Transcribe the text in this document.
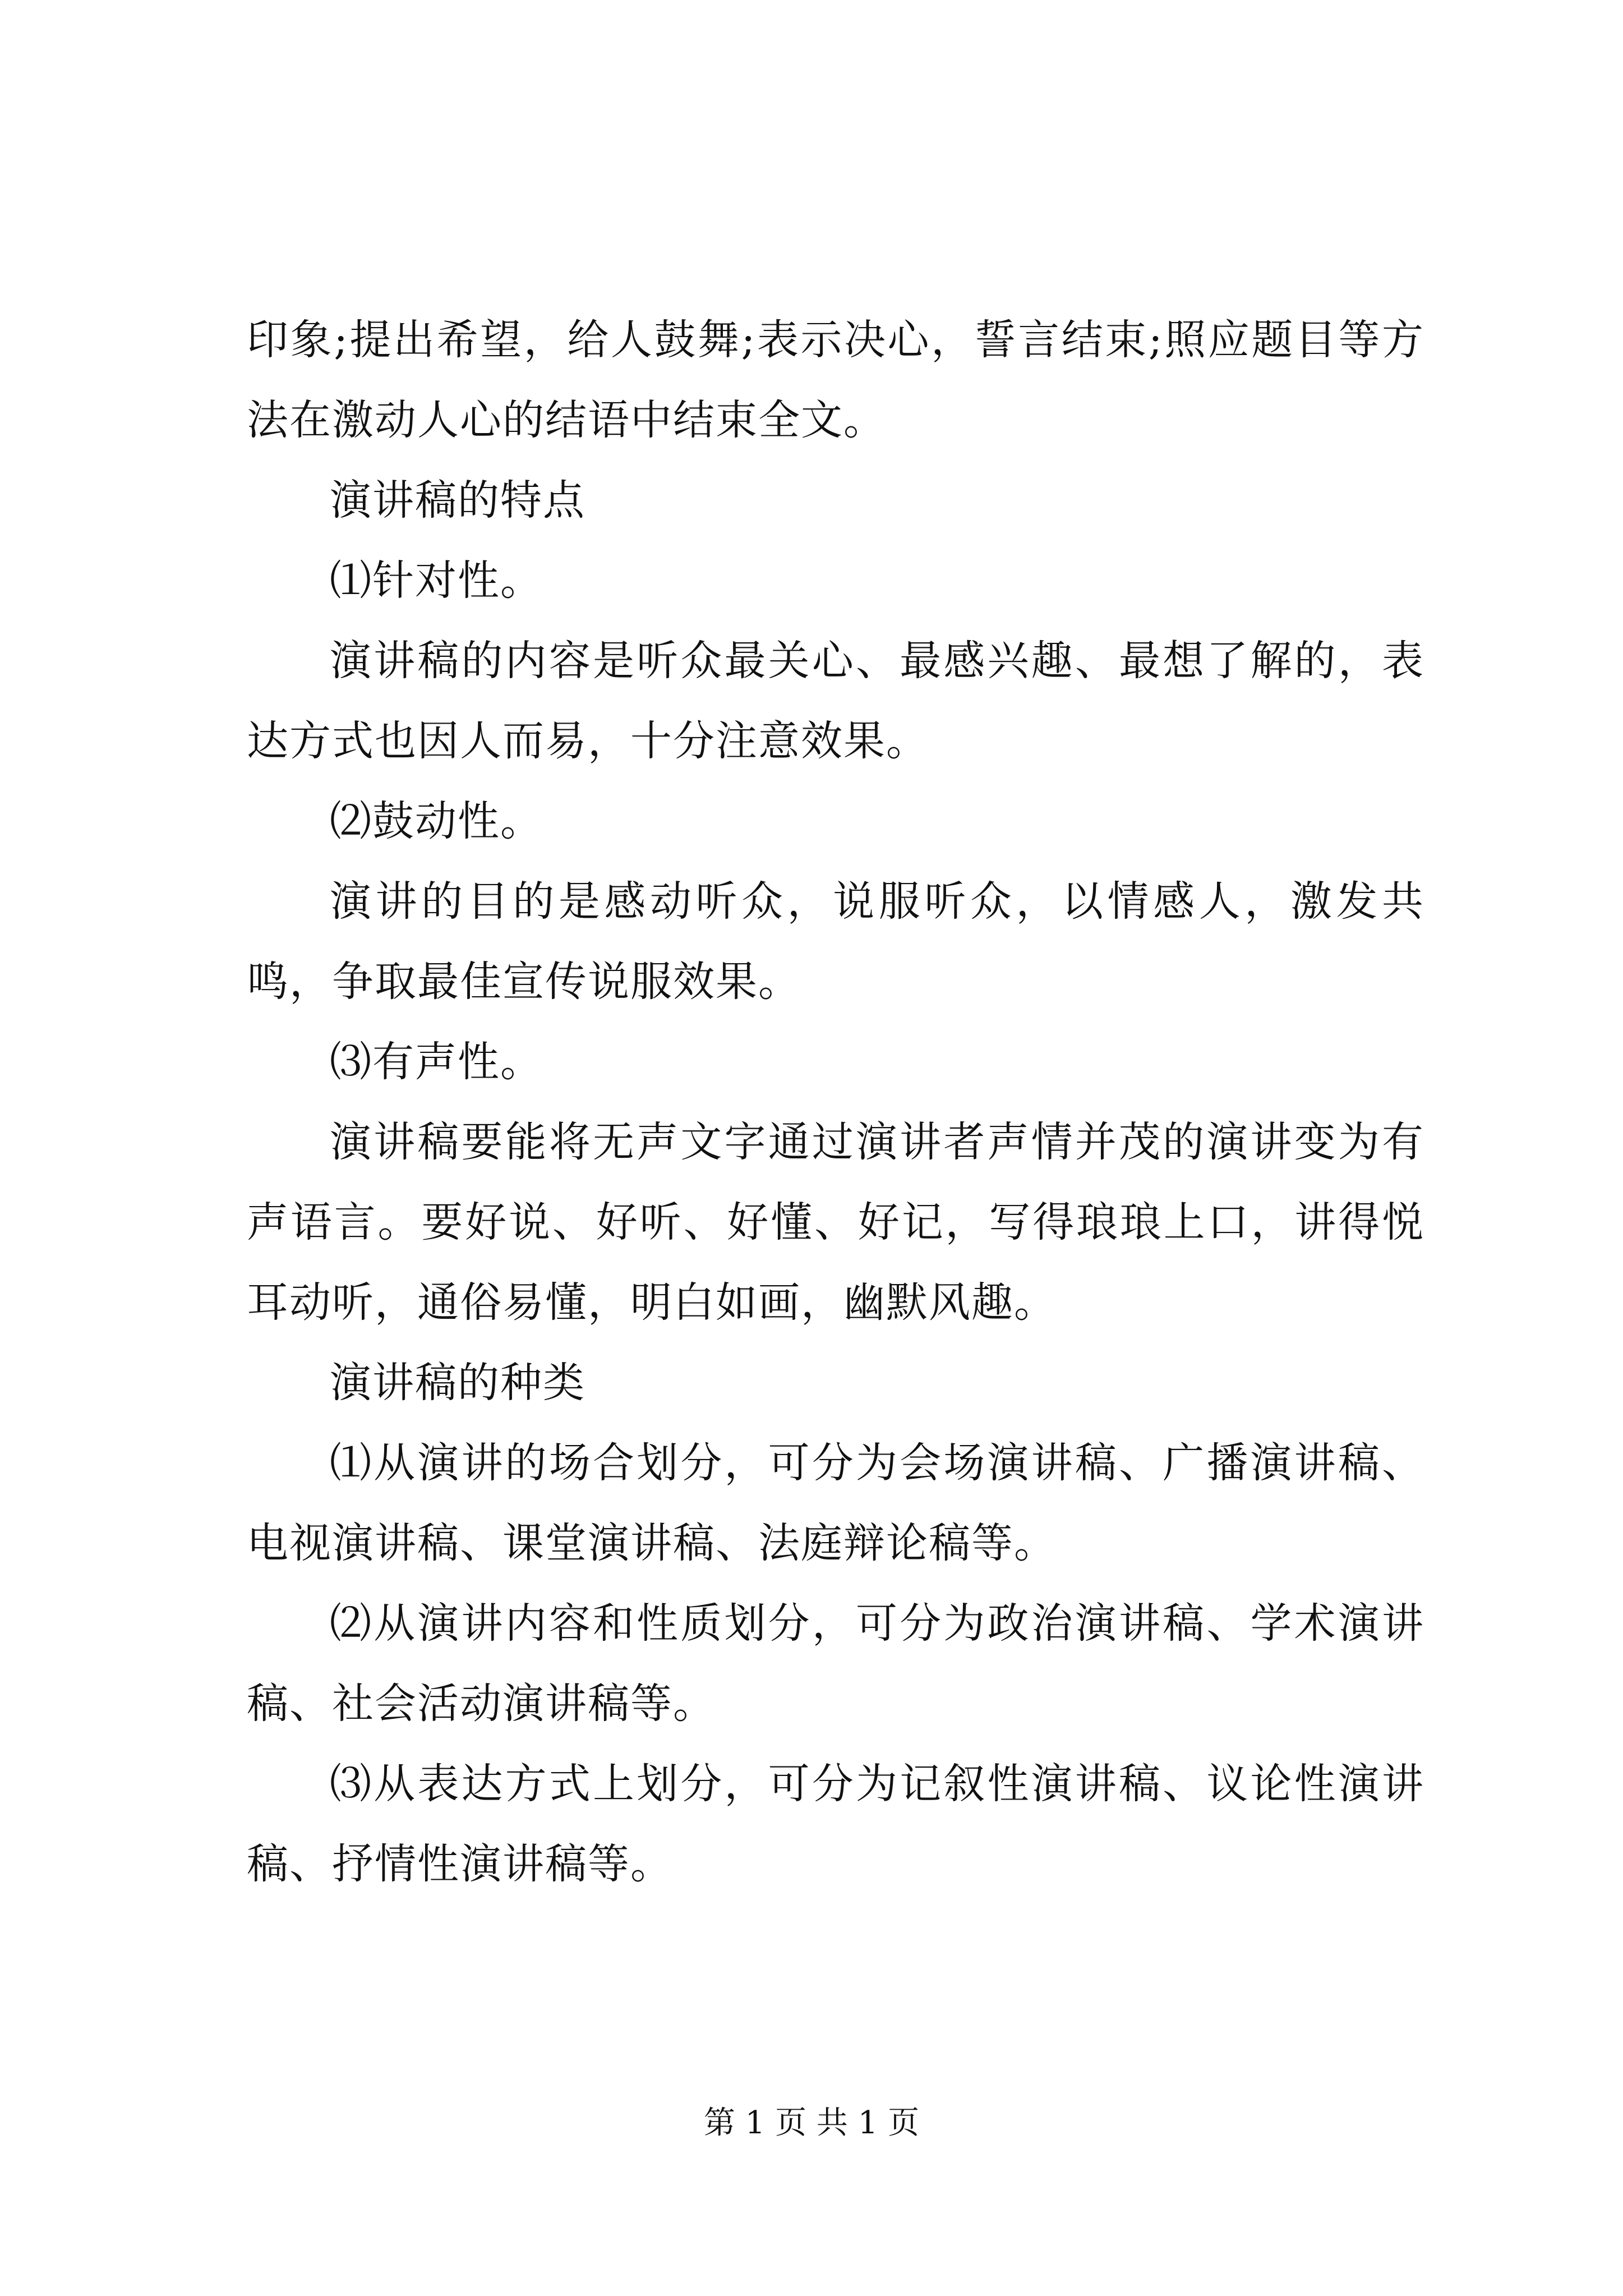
印象;提出希望，给人鼓舞;表示决心，誓言结束;照应题目等方法在激动人心的结语中结束全文。

演讲稿的特点

⑴针对性。

演讲稿的内容是听众最关心、最感兴趣、最想了解的，表达方式也因人而易，十分注意效果。

⑵鼓动性。

演讲的目的是感动听众，说服听众，以情感人，激发共鸣，争取最佳宣传说服效果。

⑶有声性。

演讲稿要能将无声文字通过演讲者声情并茂的演讲变为有声语言。要好说、好听、好懂、好记，写得琅琅上口，讲得悦耳动听，通俗易懂，明白如画，幽默风趣。

演讲稿的种类

⑴从演讲的场合划分，可分为会场演讲稿、广播演讲稿、电视演讲稿、课堂演讲稿、法庭辩论稿等。

⑵从演讲内容和性质划分，可分为政治演讲稿、学术演讲稿、社会活动演讲稿等。

⑶从表达方式上划分，可分为记叙性演讲稿、议论性演讲稿、抒情性演讲稿等。

第 1 页 共 1 页
